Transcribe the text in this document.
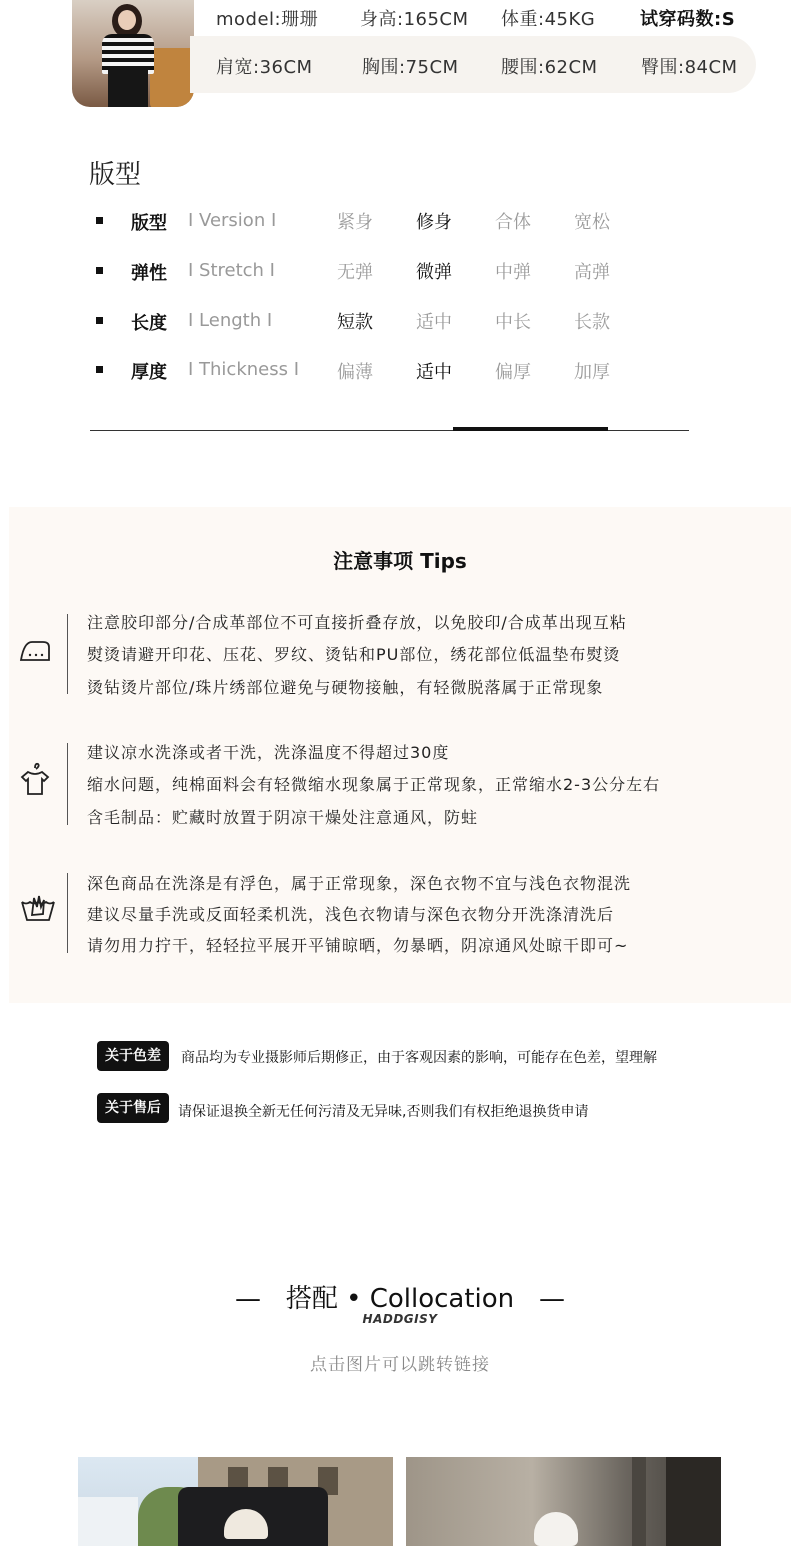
model:珊珊 身高:165CM 体重:45KG 试穿码数:S
肩宽:36CM	胸围:75CM 腰围:62CM 臀围:84CM
版型
版型 I Version I	紧身	修身	合体	宽松
弹性 I Stretch I	无弹	微弹	中弹	高弹
长度 I Length I	短款	适中	中长	长款
厚度 I Thickness I	偏薄	适中	偏厚	加厚
注意事项 Tips
注意胶印部分/合成革部位不可直接折叠存放，以免胶印/合成革出现互粘
熨烫请避开印花、压花、罗纹、烫钻和PU部位，绣花部位低温垫布熨烫
烫钻烫片部位/珠片绣部位避免与硬物接触，有轻微脱落属于正常现象
建议凉水洗涤或者干洗，洗涤温度不得超过30度
缩水问题，纯棉面料会有轻微缩水现象属于正常现象，正常缩水2-3公分左右
含毛制品：贮藏时放置于阴凉干燥处注意通风，防蛀
深色商品在洗涤是有浮色，属于正常现象，深色衣物不宜与浅色衣物混洗
建议尽量手洗或反面轻柔机洗，浅色衣物请与深色衣物分开洗涤清洗后
请勿用力拧干，轻轻拉平展开平铺晾晒，勿暴晒，阴凉通风处晾干即可~
关于色差	商品均为专业摄影师后期修正，由于客观因素的影响，可能存在色差，望理解
关于售后	请保证退换全新无任何污清及无异味,否则我们有权拒绝退换货申请
—   搭配 • Collocation   —
HADDGISY
点击图片可以跳转链接
